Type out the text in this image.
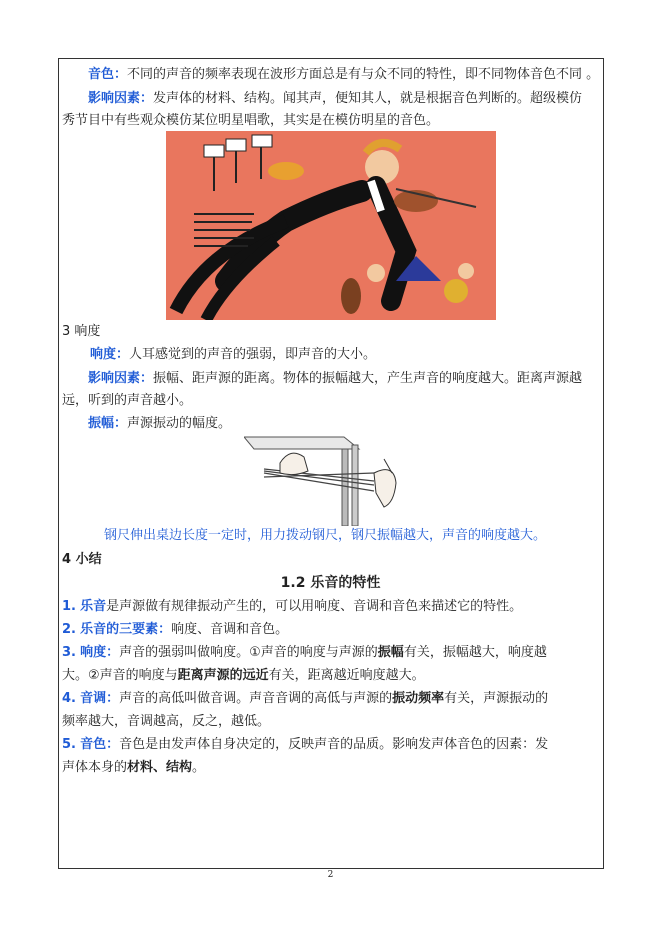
音色：不同的声音的频率表现在波形方面总是有与众不同的特性，即不同物体音色不同 。
影响因素：发声体的材料、结构。闻其声，便知其人，就是根据音色判断的。超级模仿
秀节目中有些观众模仿某位明星唱歌，其实是在模仿明星的音色。
3 响度
响度：人耳感觉到的声音的强弱，即声音的大小。
影响因素：振幅、距声源的距离。物体的振幅越大，产生声音的响度越大。距离声源越
远，听到的声音越小。
振幅：声源振动的幅度。
钢尺伸出桌边长度一定时，用力拨动钢尺，钢尺振幅越大，声音的响度越大。
4 小结
1.2 乐音的特性
1. 乐音是声源做有规律振动产生的，可以用响度、音调和音色来描述它的特性。
2. 乐音的三要素：响度、音调和音色。
3. 响度：声音的强弱叫做响度。①声音的响度与声源的振幅有关，振幅越大，响度越
大。②声音的响度与距离声源的远近有关，距离越近响度越大。
4. 音调：声音的高低叫做音调。声音音调的高低与声源的振动频率有关，声源振动的
频率越大，音调越高，反之，越低。
5. 音色：音色是由发声体自身决定的，反映声音的品质。影响发声体音色的因素：发
声体本身的材料、结构。
2
